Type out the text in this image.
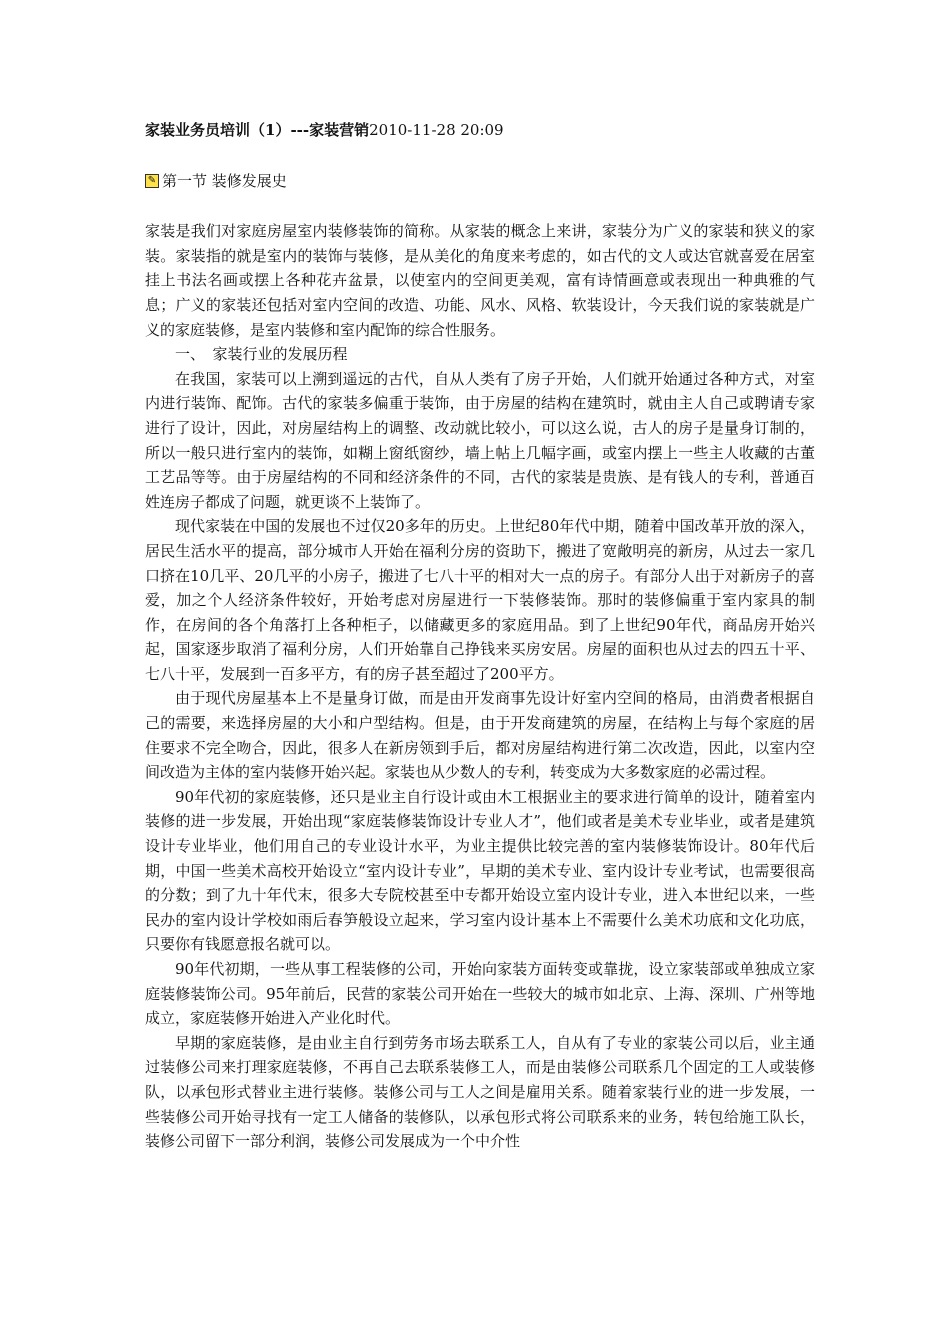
家装业务员培训（1）---家装营销2010-11-28 20:09
✎ 第一节 装修发展史

家装是我们对家庭房屋室内装修装饰的简称。从家装的概念上来讲，家装分为广义的家装和狭义的家装。家装指的就是室内的装饰与装修，是从美化的角度来考虑的，如古代的文人或达官就喜爱在居室挂上书法名画或摆上各种花卉盆景，以使室内的空间更美观，富有诗情画意或表现出一种典雅的气息；广义的家装还包括对室内空间的改造、功能、风水、风格、软装设计，今天我们说的家装就是广义的家庭装修，是室内装修和室内配饰的综合性服务。

一、　家装行业的发展历程

在我国，家装可以上溯到遥远的古代，自从人类有了房子开始，人们就开始通过各种方式，对室内进行装饰、配饰。古代的家装多偏重于装饰，由于房屋的结构在建筑时，就由主人自己或聘请专家进行了设计，因此，对房屋结构上的调整、改动就比较小，可以这么说，古人的房子是量身订制的，所以一般只进行室内的装饰，如糊上窗纸窗纱，墙上帖上几幅字画，或室内摆上一些主人收藏的古董工艺品等等。由于房屋结构的不同和经济条件的不同，古代的家装是贵族、是有钱人的专利，普通百姓连房子都成了问题，就更谈不上装饰了。

现代家装在中国的发展也不过仅20多年的历史。上世纪80年代中期，随着中国改革开放的深入，居民生活水平的提高，部分城市人开始在福利分房的资助下，搬进了宽敞明亮的新房，从过去一家几口挤在10几平、20几平的小房子，搬进了七八十平的相对大一点的房子。有部分人出于对新房子的喜爱，加之个人经济条件较好，开始考虑对房屋进行一下装修装饰。那时的装修偏重于室内家具的制作，在房间的各个角落打上各种柜子，以储藏更多的家庭用品。到了上世纪90年代，商品房开始兴起，国家逐步取消了福利分房，人们开始靠自己挣钱来买房安居。房屋的面积也从过去的四五十平、七八十平，发展到一百多平方，有的房子甚至超过了200平方。

由于现代房屋基本上不是量身订做，而是由开发商事先设计好室内空间的格局，由消费者根据自己的需要，来选择房屋的大小和户型结构。但是，由于开发商建筑的房屋，在结构上与每个家庭的居住要求不完全吻合，因此，很多人在新房领到手后，都对房屋结构进行第二次改造，因此，以室内空间改造为主体的室内装修开始兴起。家装也从少数人的专利，转变成为大多数家庭的必需过程。

90年代初的家庭装修，还只是业主自行设计或由木工根据业主的要求进行简单的设计，随着室内装修的进一步发展，开始出现“家庭装修装饰设计专业人才”，他们或者是美术专业毕业，或者是建筑设计专业毕业，他们用自己的专业设计水平，为业主提供比较完善的室内装修装饰设计。80年代后期，中国一些美术高校开始设立“室内设计专业”，早期的美术专业、室内设计专业考试，也需要很高的分数；到了九十年代末，很多大专院校甚至中专都开始设立室内设计专业，进入本世纪以来，一些民办的室内设计学校如雨后春笋般设立起来，学习室内设计基本上不需要什么美术功底和文化功底，只要你有钱愿意报名就可以。

90年代初期，一些从事工程装修的公司，开始向家装方面转变或靠拢，设立家装部或单独成立家庭装修装饰公司。95年前后，民营的家装公司开始在一些较大的城市如北京、上海、深圳、广州等地成立，家庭装修开始进入产业化时代。

早期的家庭装修，是由业主自行到劳务市场去联系工人，自从有了专业的家装公司以后，业主通过装修公司来打理家庭装修，不再自己去联系装修工人，而是由装修公司联系几个固定的工人或装修队，以承包形式替业主进行装修。装修公司与工人之间是雇用关系。随着家装行业的进一步发展，一些装修公司开始寻找有一定工人储备的装修队，以承包形式将公司联系来的业务，转包给施工队长，装修公司留下一部分利润，装修公司发展成为一个中介性
